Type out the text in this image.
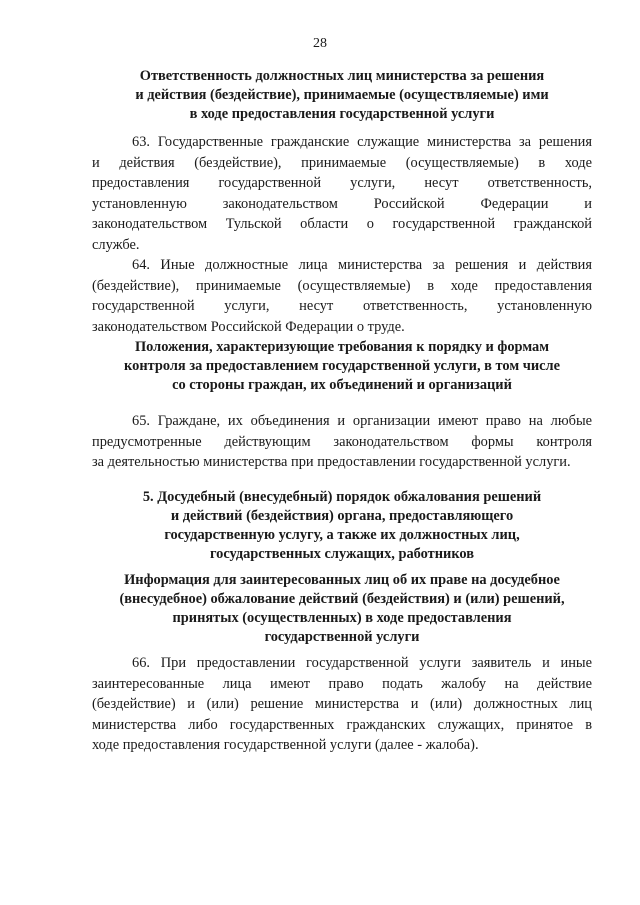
28
Ответственность должностных лиц министерства за решения
и действия (бездействие), принимаемые (осуществляемые) ими
в ходе предоставления государственной услуги
63. Государственные гражданские служащие министерства за решения
и действия (бездействие), принимаемые (осуществляемые) в ходе
предоставления государственной услуги, несут ответственность,
установленную законодательством Российской Федерации и
законодательством Тульской области о государственной гражданской
службе.
64. Иные должностные лица министерства за решения и действия
(бездействие), принимаемые (осуществляемые) в ходе предоставления
государственной услуги, несут ответственность, установленную
законодательством Российской Федерации о труде.
Положения, характеризующие требования к порядку и формам
контроля за предоставлением государственной услуги, в том числе
со стороны граждан, их объединений и организаций
65. Граждане, их объединения и организации имеют право на любые
предусмотренные действующим законодательством формы контроля
за деятельностью министерства при предоставлении государственной услуги.
5. Досудебный (внесудебный) порядок обжалования решений
и действий (бездействия) органа, предоставляющего
государственную услугу, а также их должностных лиц,
государственных служащих, работников
Информация для заинтересованных лиц об их праве на досудебное
(внесудебное) обжалование действий (бездействия) и (или) решений,
принятых (осуществленных) в ходе предоставления
государственной услуги
66. При предоставлении государственной услуги заявитель и иные
заинтересованные лица имеют право подать жалобу на действие
(бездействие) и (или) решение министерства и (или) должностных лиц
министерства либо государственных гражданских служащих, принятое в
ходе предоставления государственной услуги (далее - жалоба).
